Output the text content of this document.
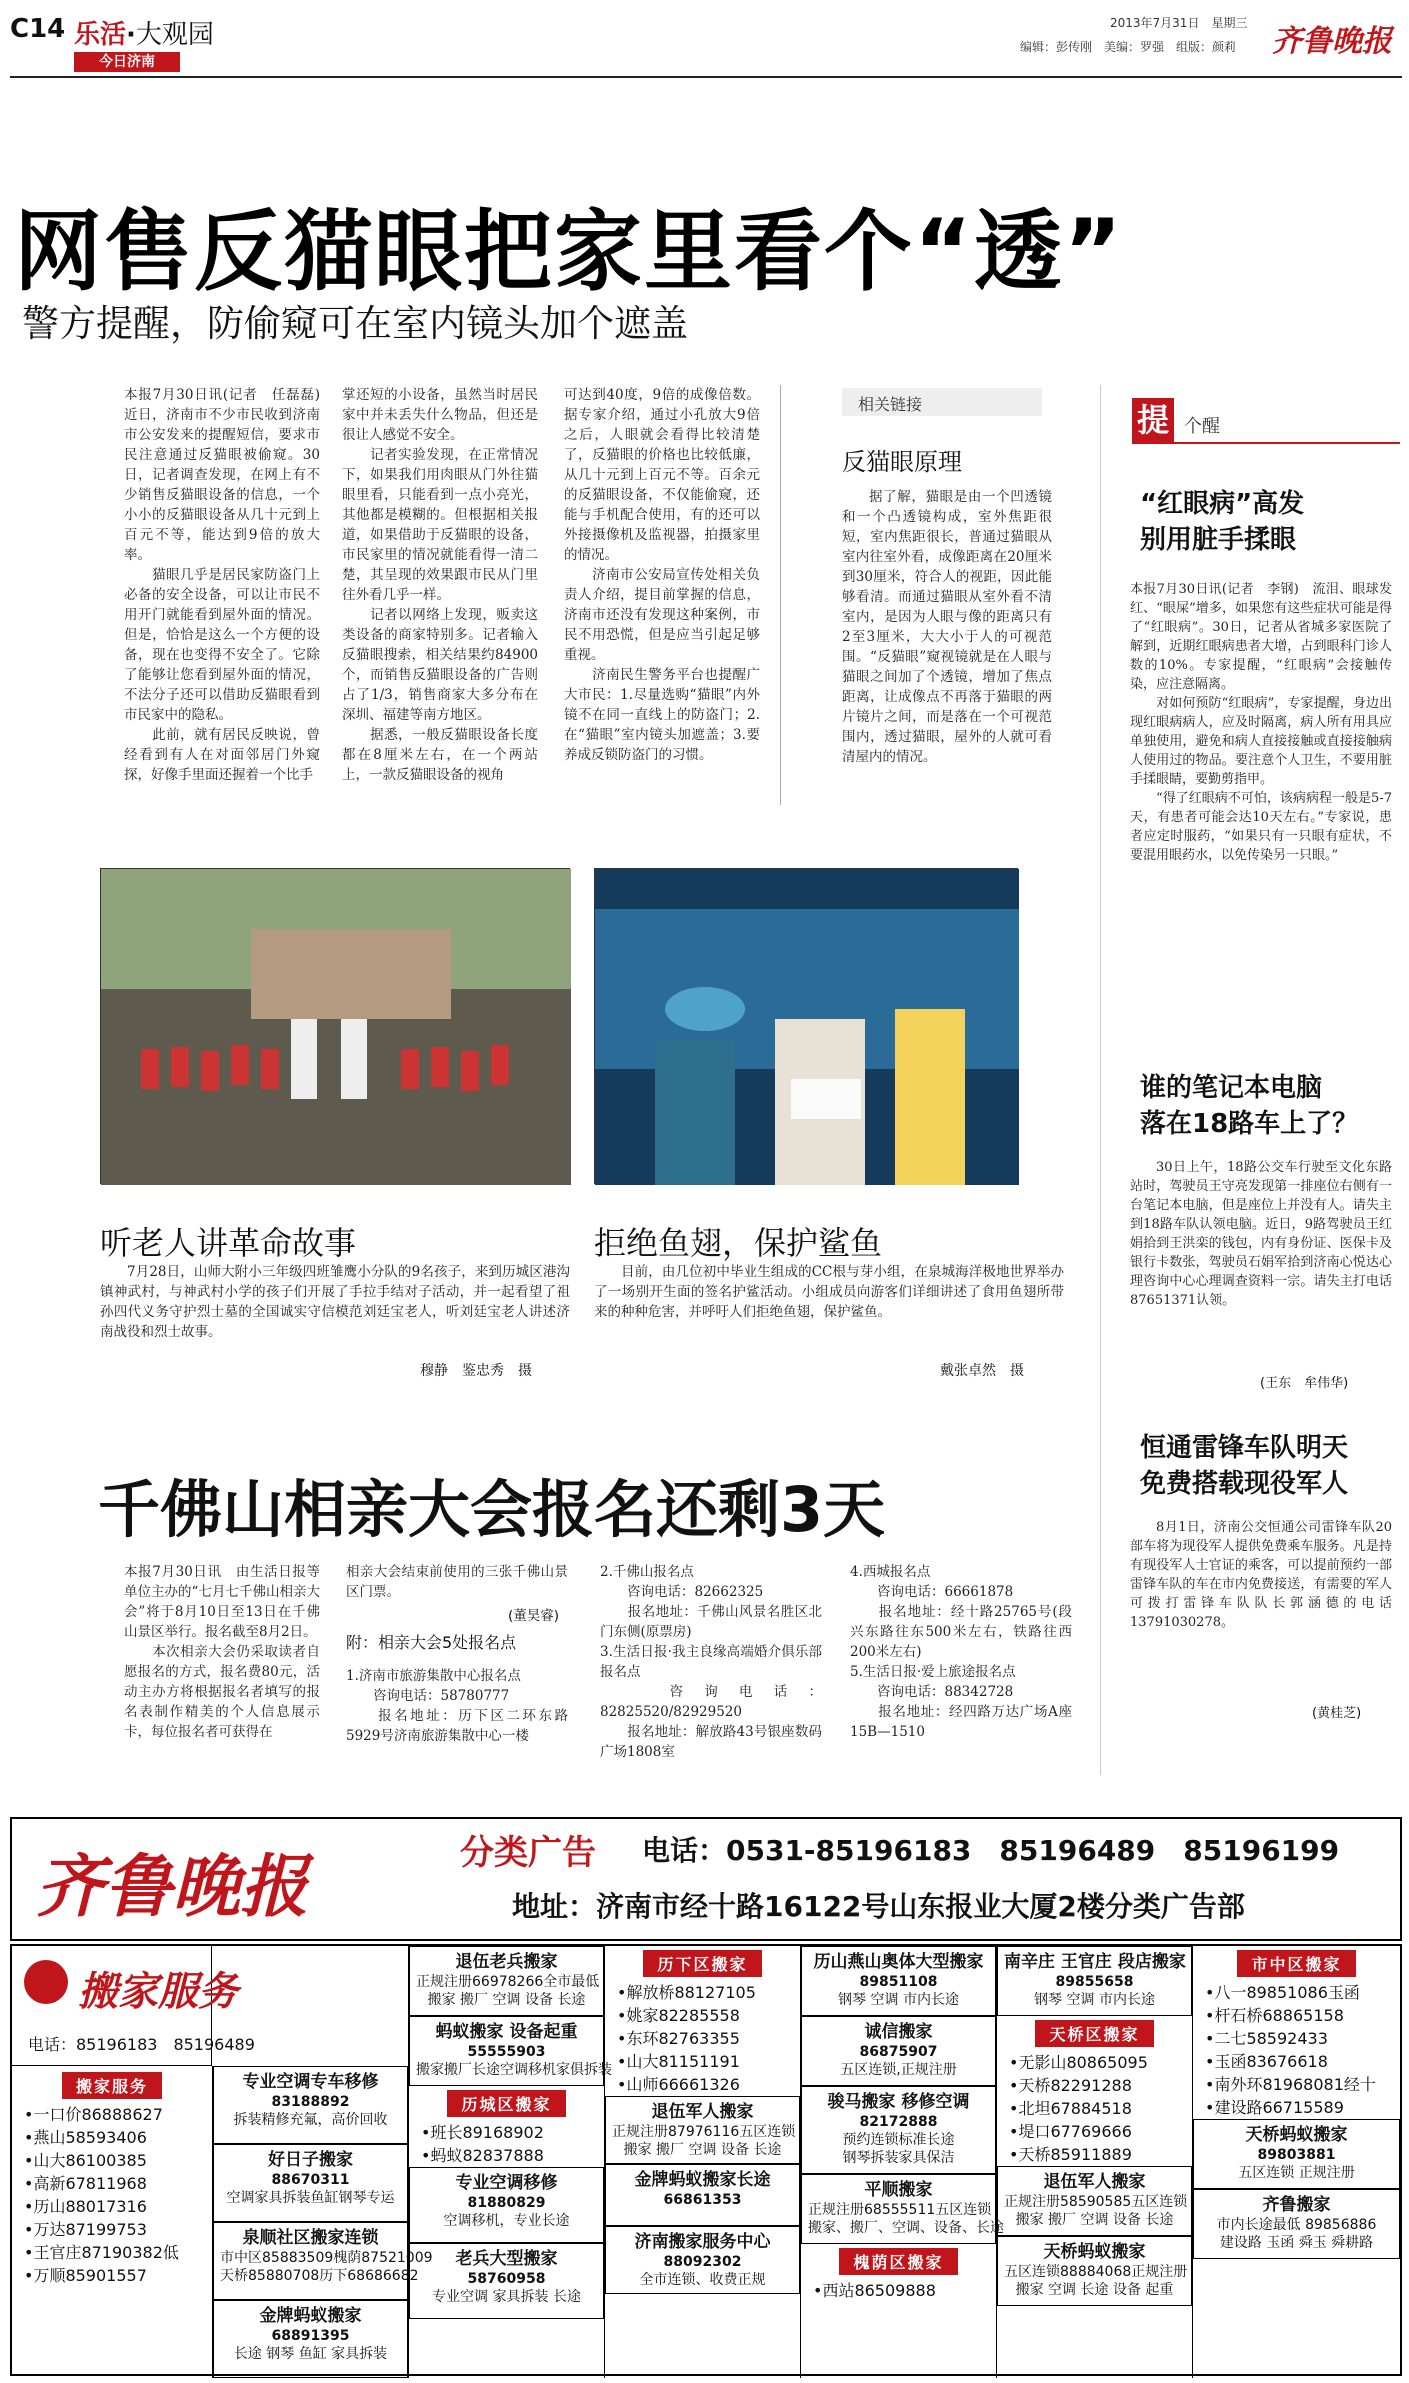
C14 乐活·大观园
今日济南
2013年7月31日　星期三
编辑：彭传刚　美编：罗强　组版：颜莉 齐鲁晚报
网售反猫眼把家里看个“透”
警方提醒，防偷窥可在室内镜头加个遮盖
本报7月30日讯(记者　任磊磊)　近日，济南市不少市民收到济南市公安发来的提醒短信，要求市民注意通过反猫眼被偷窥。30日，记者调查发现，在网上有不少销售反猫眼设备的信息，一个小小的反猫眼设备从几十元到上百元不等，能达到9倍的放大率。
　　猫眼几乎是居民家防盗门上必备的安全设备，可以让市民不用开门就能看到屋外面的情况。但是，恰恰是这么一个方便的设备，现在也变得不安全了。它除了能够让您看到屋外面的情况，不法分子还可以借助反猫眼看到市民家中的隐私。
　　此前，就有居民反映说，曾经看到有人在对面邻居门外窥探，好像手里面还握着一个比手
掌还短的小设备，虽然当时居民家中并未丢失什么物品，但还是很让人感觉不安全。
　　记者实验发现，在正常情况下，如果我们用肉眼从门外往猫眼里看，只能看到一点小亮光，其他都是模糊的。但根据相关报道，如果借助于反猫眼的设备，市民家里的情况就能看得一清二楚，其呈现的效果跟市民从门里往外看几乎一样。
　　记者以网络上发现，贩卖这类设备的商家特别多。记者输入反猫眼搜索，相关结果约84900个，而销售反猫眼设备的广告则占了1/3，销售商家大多分布在深圳、福建等南方地区。
　　据悉，一般反猫眼设备长度都在8厘米左右，在一个两站上，一款反猫眼设备的视角
可达到40度，9倍的成像倍数。据专家介绍，通过小孔放大9倍之后，人眼就会看得比较清楚了，反猫眼的价格也比较低廉，从几十元到上百元不等。百余元的反猫眼设备，不仅能偷窥，还能与手机配合使用，有的还可以外接摄像机及监视器，拍摄家里的情况。
　　济南市公安局宣传处相关负责人介绍，提目前掌握的信息，济南市还没有发现这种案例，市民不用恐慌，但是应当引起足够重视。
　　济南民生警务平台也提醒广大市民：1.尽量选购“猫眼”内外镜不在同一直线上的防盗门；2.在“猫眼”室内镜头加遮盖；3.要养成反锁防盗门的习惯。
相关链接
反猫眼原理
据了解，猫眼是由一个凹透镜和一个凸透镜构成，室外焦距很短，室内焦距很长，普通过猫眼从室内往室外看，成像距离在20厘米到30厘米，符合人的视距，因此能够看清。而通过猫眼从室外看不清室内，是因为人眼与像的距离只有2至3厘米，大大小于人的可视范围。“反猫眼”窥视镜就是在人眼与猫眼之间加了个透镜，增加了焦点距离，让成像点不再落于猫眼的两片镜片之间，而是落在一个可视范围内，透过猫眼，屋外的人就可看清屋内的情况。
提 个醒
“红眼病”高发
别用脏手揉眼
本报7月30日讯(记者　李钢)　流泪、眼球发红、“眼屎”增多，如果您有这些症状可能是得了“红眼病”。30日，记者从省城多家医院了解到，近期红眼病患者大增，占到眼科门诊人数的10%。专家提醒，“红眼病”会接触传染，应注意隔离。
　　对如何预防“红眼病”，专家提醒，身边出现红眼病病人，应及时隔离，病人所有用具应单独使用，避免和病人直接接触或直接接触病人使用过的物品。要注意个人卫生，不要用脏手揉眼睛，要勤剪指甲。
　　“得了红眼病不可怕，该病病程一般是5-7天，有患者可能会达10天左右。”专家说，患者应定时服药，“如果只有一只眼有症状，不要混用眼药水，以免传染另一只眼。”
谁的笔记本电脑
落在18路车上了？
30日上午，18路公交车行驶至文化东路站时，驾驶员王守亮发现第一排座位右侧有一台笔记本电脑，但是座位上并没有人。请失主到18路车队认领电脑。近日，9路驾驶员王红娟拾到王洪栾的钱包，内有身份证、医保卡及银行卡数张，驾驶员石娟军拾到济南心悦达心理咨询中心心理调查资料一宗。请失主打电话87651371认领。
(王东　牟伟华)
恒通雷锋车队明天
免费搭载现役军人
8月1日，济南公交恒通公司雷锋车队20部车将为现役军人提供免费乘车服务。凡是持有现役军人士官证的乘客，可以提前预约一部雷锋车队的车在市内免费接送，有需要的军人可拨打雷锋车队队长郭涵德的电话13791030278。
(黄桂芝)
听老人讲革命故事
7月28日，山师大附小三年级四班雏鹰小分队的9名孩子，来到历城区港沟镇神武村，与神武村小学的孩子们开展了手拉手结对子活动，并一起看望了祖孙四代义务守护烈士墓的全国诚实守信模范刘廷宝老人，听刘廷宝老人讲述济南战役和烈士故事。
穆静　鉴忠秀　摄
拒绝鱼翅，保护鲨鱼
目前，由几位初中毕业生组成的CC根与芽小组，在泉城海洋极地世界举办了一场别开生面的签名护鲨活动。小组成员向游客们详细讲述了食用鱼翅所带来的种种危害，并呼吁人们拒绝鱼翅，保护鲨鱼。
戴张卓然　摄
千佛山相亲大会报名还剩3天
本报7月30日讯　由生活日报等单位主办的“七月七千佛山相亲大会”将于8月10日至13日在千佛山景区举行。报名截至8月2日。
　　本次相亲大会仍采取读者自愿报名的方式，报名费80元，活动主办方将根据报名者填写的报名表制作精美的个人信息展示卡，每位报名者可获得在
相亲大会结束前使用的三张千佛山景区门票。
(董昊睿)
附：相亲大会5处报名点
1.济南市旅游集散中心报名点
　　咨询电话：58780777
　　报名地址：历下区二环东路5929号济南旅游集散中心一楼
2.千佛山报名点
　　咨询电话：82662325
　　报名地址：千佛山风景名胜区北门东侧(原票房)
3.生活日报·我主良缘高端婚介俱乐部报名点
　　咨询电话：82825520/82929520
　　报名地址：解放路43号银座数码广场1808室
4.西城报名点
　　咨询电话：66661878
　　报名地址：经十路25765号(段兴东路往东500米左右，铁路往西200米左右)
5.生活日报·爱上旅途报名点
　　咨询电话：88342728
　　报名地址：经四路万达广场A座15B—1510
齐鲁晚报	分类广告 电话：0531-85196183　85196489　85196199
地址：济南市经十路16122号山东报业大厦2楼分类广告部
搬家服务
电话：85196183　85196489
搬家服务
•一口价86888627
•燕山58593406
•山大86100385
•高新67811968
•历山88017316
•万达87199753
•王官庄87190382低
•万顺85901557
专业空调专车移修
83188892
拆装精修充氟，高价回收
好日子搬家
88670311
空调家具拆装鱼缸钢琴专运
泉顺社区搬家连锁
市中区85883509槐荫87521009
天桥85880708历下68686682
金牌蚂蚁搬家
68891395
长途 钢琴 鱼缸 家具拆装
退伍老兵搬家
正规注册66978266全市最低
搬家 搬厂 空调 设备 长途
蚂蚁搬家 设备起重
55555903
搬家搬厂长途空调移机家俱拆装
历城区搬家
•班长89168902
•蚂蚁82837888
专业空调移修
81880829
空调移机，专业长途
老兵大型搬家
58760958
专业空调 家具拆装 长途
历下区搬家
•解放桥88127105
•姚家82285558
•东环82763355
•山大81151191
•山师66661326
退伍军人搬家
正规注册87976116五区连锁
搬家 搬厂 空调 设备 长途
金牌蚂蚁搬家长途
66861353
济南搬家服务中心
88092302
全市连锁、收费正规
历山燕山奥体大型搬家
89851108
钢琴 空调 市内长途
诚信搬家
86875907
五区连锁,正规注册
骏马搬家 移修空调
82172888
预约连锁标准长途
钢琴拆装家具保洁
平顺搬家
正规注册68555511五区连锁
搬家、搬厂、空调、设备、长途
槐荫区搬家
•西站86509888
南辛庄 王官庄 段店搬家
89855658
钢琴 空调 市内长途
天桥区搬家
•无影山80865095
•天桥82291288
•北坦67884518
•堤口67769666
•天桥85911889
退伍军人搬家
正规注册58590585五区连锁
搬家 搬厂 空调 设备 长途
天桥蚂蚁搬家
五区连锁88884068正规注册
搬家 空调 长途 设备 起重
市中区搬家
•八一89851086玉函
•杆石桥68865158
•二七58592433
•玉函83676618
•南外环81968081经十
•建设路66715589
天桥蚂蚁搬家
89803881
五区连锁 正规注册
齐鲁搬家
市内长途最低 89856886
建设路 玉函 舜玉 舜耕路
